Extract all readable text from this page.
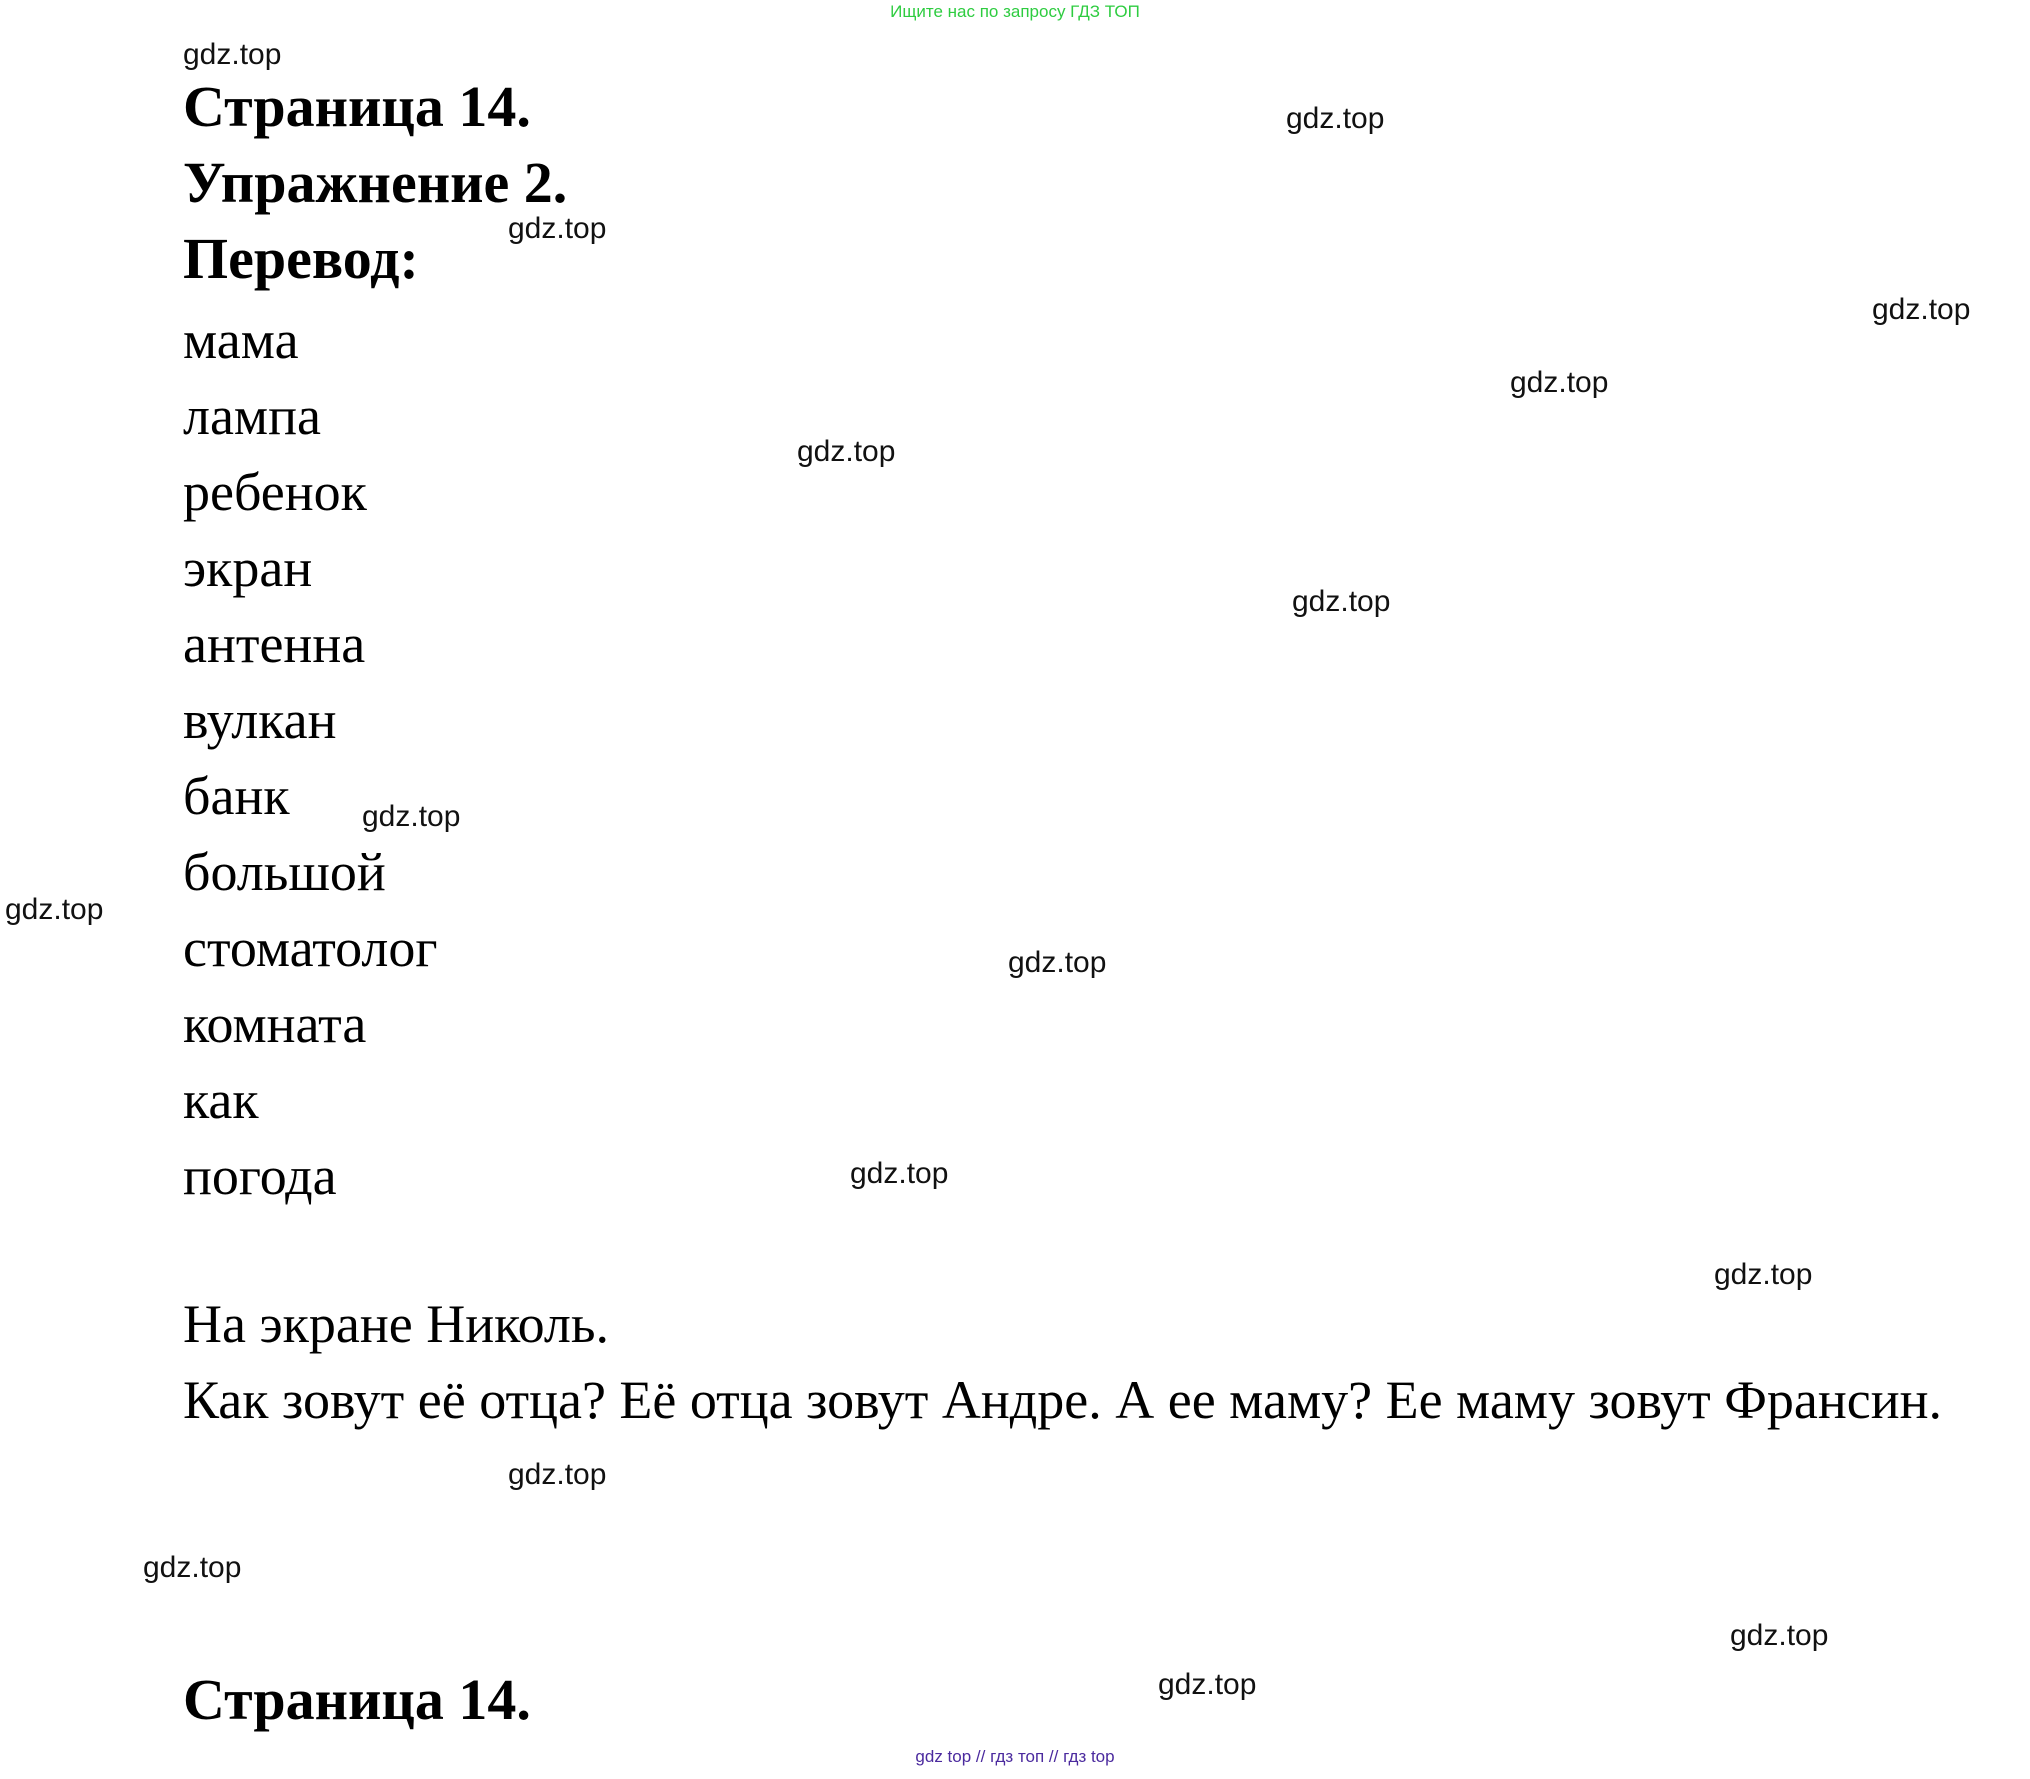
Ищите нас по запросу ГДЗ ТОП
Страница 14.
Упражнение 2.
Перевод:
мама
лампа
ребенок
экран
антенна
вулкан
банк
большой
стоматолог
комната
как
погода

На экране Николь.

Как зовут её отца? Её отца зовут Андре. А ее маму? Ее маму зовут Франсин.

Страница 14.
gdz.top
gdz.top
gdz.top
gdz.top
gdz.top
gdz.top
gdz.top
gdz.top
gdz.top
gdz.top
gdz.top
gdz.top
gdz.top
gdz.top
gdz.top
gdz.top
gdz top // гдз топ // гдз top
